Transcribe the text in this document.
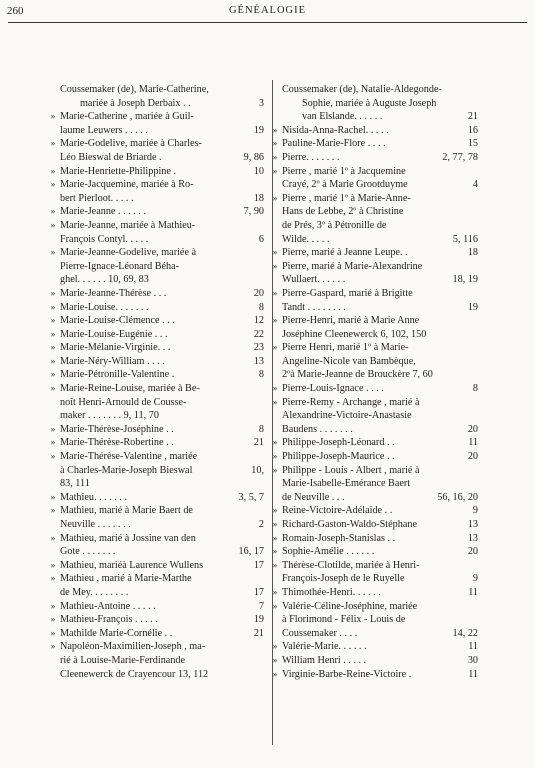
260	GÉNÉALOGIE
Coussemaker (de), Marie-Catherine,
mariée à Joseph Derbaix . .	3
» Marie-Catherine , mariée à Guil-
laume Leuwers . . . . .	19
» Marie-Godelive, mariée à Charles-
Léo Bieswal de Briarde .	9, 86
» Marie-Henriette-Philippine .	10
» Marie-Jacquemine, mariée à Ro-
bert Pierloot. . . . .	18
» Marie-Jeanne . . . . . .	7, 90
» Marie-Jeanne, mariée à Mathieu-
François Contyl. . . . .	6
» Marie-Jeanne-Godelive, mariée à
Pierre-Ignace-Léonard Béha-
ghel. . . . . . 10, 69, 83
» Marie-Jeanne-Thérèse . . .	20
» Marie-Louise. . . . . . .	8
» Marie-Louise-Clémence . . .	12
» Marie-Louise-Eugénie . . .	22
» Marie-Mélanie-Virginie. . .	23
» Marie-Néry-William . . . .	13
» Marie-Pétronille-Valentine .	8
» Marie-Reine-Louise, mariée à Be-
noît Henri-Arnould de Cousse-
maker . . . . . . . 9, 11, 70
» Marie-Thérèse-Joséphine . .	8
» Marie-Thérèse-Robertine . .	21
» Marie-Thérèse-Valentine , mariée
à Charles-Marie-Joseph Bieswal	10,
83, 111
» Mathieu. . . . . . .	3, 5, 7
» Mathieu, marié à Marie Baert de
Neuville . . . . . . .	2
» Mathieu, marié à Jossine van den
Gote . . . . . . .	16, 17
» Mathieu, mariéà Laurence Wullens	17
» Mathieu , marié à Marie-Marthe
de Mey. . . . . . . .	17
» Mathieu-Antoine . . . . .	7
» Mathieu-François . . . . .	19
» Mathilde Marie-Cornélie . .	21
» Napoléon-Maximilien-Joseph , ma-
rié à Louise-Marie-Ferdinande
Cleenewerck de Crayencour 13, 112
Coussemaker (de), Natalie-Aldegonde-
Sophie, mariée à Auguste Joseph
van Elslande. . . . . .	21
» Nisida-Anna-Rachel. . . . .	16
» Pauline-Marie-Flore . . . .	15
» Pierre. . . . . . .	2, 77, 78
» Pierre , marié 1º à Jacquemine
Crayé, 2º à Marie Grootduyme	4
» Pierre , marié 1º à Marie-Anne-
Hans de Lebbe, 2º à Christine
de Prés, 3º à Pétronille de
Wilde. . . . .	5, 116
» Pierre, marié à Jeanne Leupe. .	18
» Pierre, marié à Marie-Alexandrine
Wullaert. . . . . .	18, 19
» Pierre-Gaspard, marié à Brigitte
Tandt . . . . . . . .	19
» Pierre-Henri, marié à Marie Anne
Joséphine Cleenewerck 6, 102, 150
» Pierre Henri, marié 1º à Marie-
Angeline-Nicole van Bambèque,
2ºà Marie-Jeanne de Brouckère 7, 60
» Pierre-Louis-Ignace . . . .	8
» Pierre-Remy - Archange , marié à
Alexandrine-Victoire-Anastasie
Baudens . . . . . . .	20
» Philippe-Joseph-Léonard . .	11
» Philippe-Joseph-Maurice . .	20
» Philippe - Louis - Albert , marié à
Marie-Isabelle-Emérance Baert
de Neuville . . .	56, 16, 20
» Reine-Victoire-Adélaïde . .	9
» Richard-Gaston-Waldo-Stéphane	13
» Romain-Joseph-Stanislas . .	13
» Sophie-Amélie . . . . . .	20
» Thérèse-Clotilde, mariée à Henri-
François-Joseph de le Ruyelle	9
» Thimothée-Henri. . . . . .	11
» Valérie-Céline-Joséphine, mariée
à Florimond - Félix - Louis de
Coussemaker . . . .	14, 22
» Valérie-Marie. . . . . .	11
» William Henri . . . . .	30
» Virginie-Barbe-Reine-Victoire .	11
